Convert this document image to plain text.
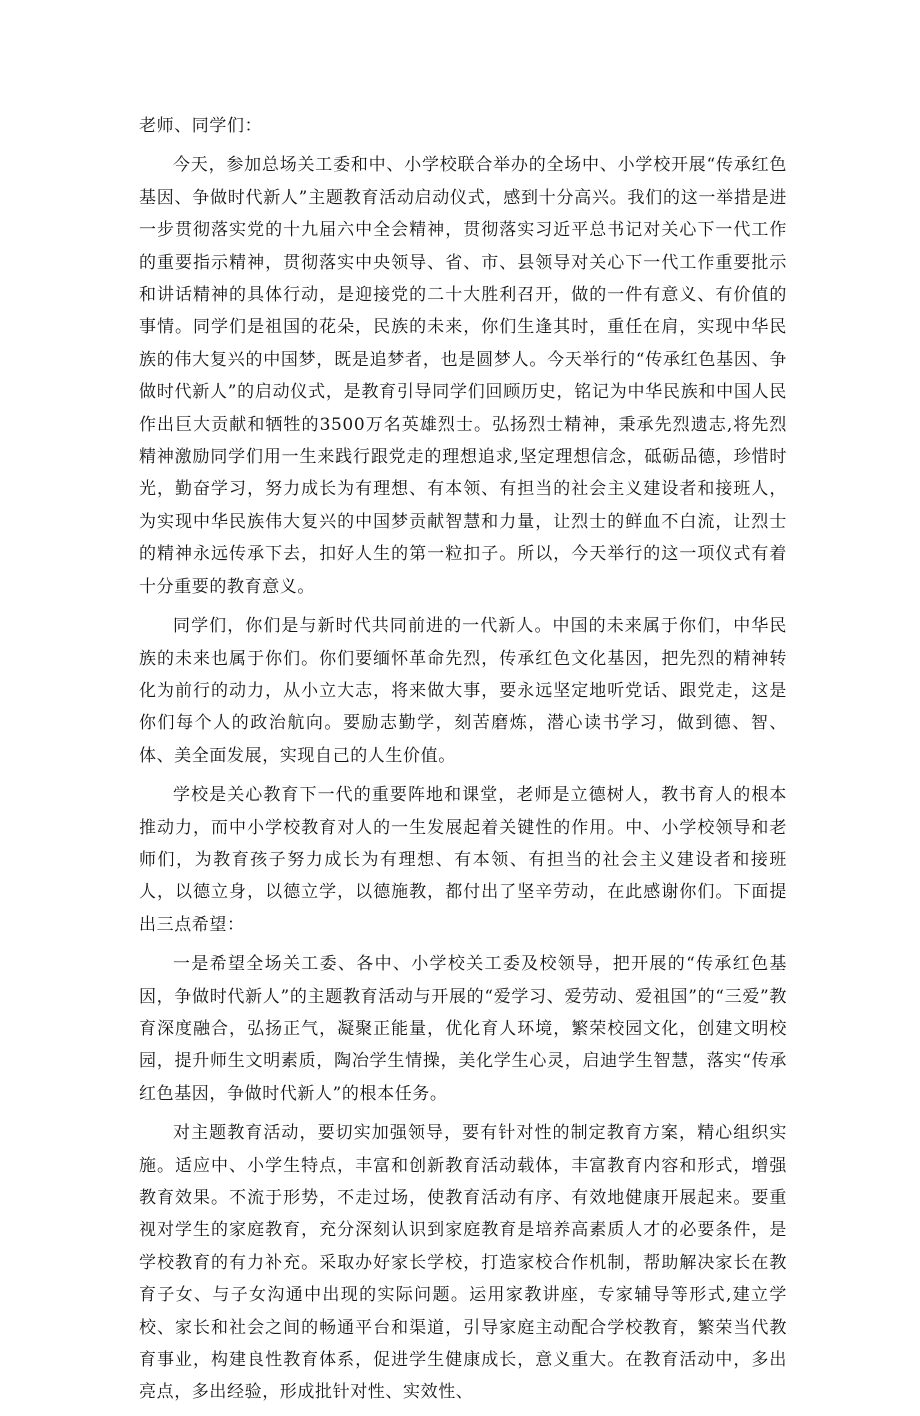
老师、同学们：

今天，参加总场关工委和中、小学校联合举办的全场中、小学校开展“传承红色基因、争做时代新人”主题教育活动启动仪式，感到十分高兴。我们的这一举措是进一步贯彻落实党的十九届六中全会精神，贯彻落实习近平总书记对关心下一代工作的重要指示精神，贯彻落实中央领导、省、市、县领导对关心下一代工作重要批示和讲话精神的具体行动，是迎接党的二十大胜利召开，做的一件有意义、有价值的事情。同学们是祖国的花朵，民族的未来，你们生逢其时，重任在肩，实现中华民族的伟大复兴的中国梦，既是追梦者，也是圆梦人。今天举行的“传承红色基因、争做时代新人”的启动仪式，是教育引导同学们回顾历史，铭记为中华民族和中国人民作出巨大贡献和牺牲的3500万名英雄烈士。弘扬烈士精神，秉承先烈遗志,将先烈精神激励同学们用一生来践行跟党走的理想追求,坚定理想信念，砥砺品德，珍惜时光，勤奋学习，努力成长为有理想、有本领、有担当的社会主义建设者和接班人，为实现中华民族伟大复兴的中国梦贡献智慧和力量，让烈士的鲜血不白流，让烈士的精神永远传承下去，扣好人生的第一粒扣子。所以，今天举行的这一项仪式有着十分重要的教育意义。

同学们，你们是与新时代共同前进的一代新人。中国的未来属于你们，中华民族的未来也属于你们。你们要缅怀革命先烈，传承红色文化基因，把先烈的精神转化为前行的动力，从小立大志，将来做大事，要永远坚定地听党话、跟党走，这是你们每个人的政治航向。要励志勤学，刻苦磨炼，潜心读书学习，做到德、智、体、美全面发展，实现自己的人生价值。

学校是关心教育下一代的重要阵地和课堂，老师是立德树人，教书育人的根本推动力，而中小学校教育对人的一生发展起着关键性的作用。中、小学校领导和老师们，为教育孩子努力成长为有理想、有本领、有担当的社会主义建设者和接班人，以德立身，以德立学，以德施教，都付出了坚辛劳动，在此感谢你们。下面提出三点希望：

一是希望全场关工委、各中、小学校关工委及校领导，把开展的“传承红色基因，争做时代新人”的主题教育活动与开展的“爱学习、爱劳动、爱祖国”的“三爱”教育深度融合，弘扬正气，凝聚正能量，优化育人环境，繁荣校园文化，创建文明校园，提升师生文明素质，陶冶学生情操，美化学生心灵，启迪学生智慧，落实“传承红色基因，争做时代新人”的根本任务。

对主题教育活动，要切实加强领导，要有针对性的制定教育方案，精心组织实施。适应中、小学生特点，丰富和创新教育活动载体，丰富教育内容和形式，增强教育效果。不流于形势，不走过场，使教育活动有序、有效地健康开展起来。要重视对学生的家庭教育，充分深刻认识到家庭教育是培养高素质人才的必要条件，是学校教育的有力补充。采取办好家长学校，打造家校合作机制，帮助解决家长在教育子女、与子女沟通中出现的实际问题。运用家教讲座，专家辅导等形式,建立学校、家长和社会之间的畅通平台和渠道，引导家庭主动配合学校教育，繁荣当代教育事业，构建良性教育体系，促进学生健康成长，意义重大。在教育活动中，多出亮点，多出经验，形成批针对性、实效性、
